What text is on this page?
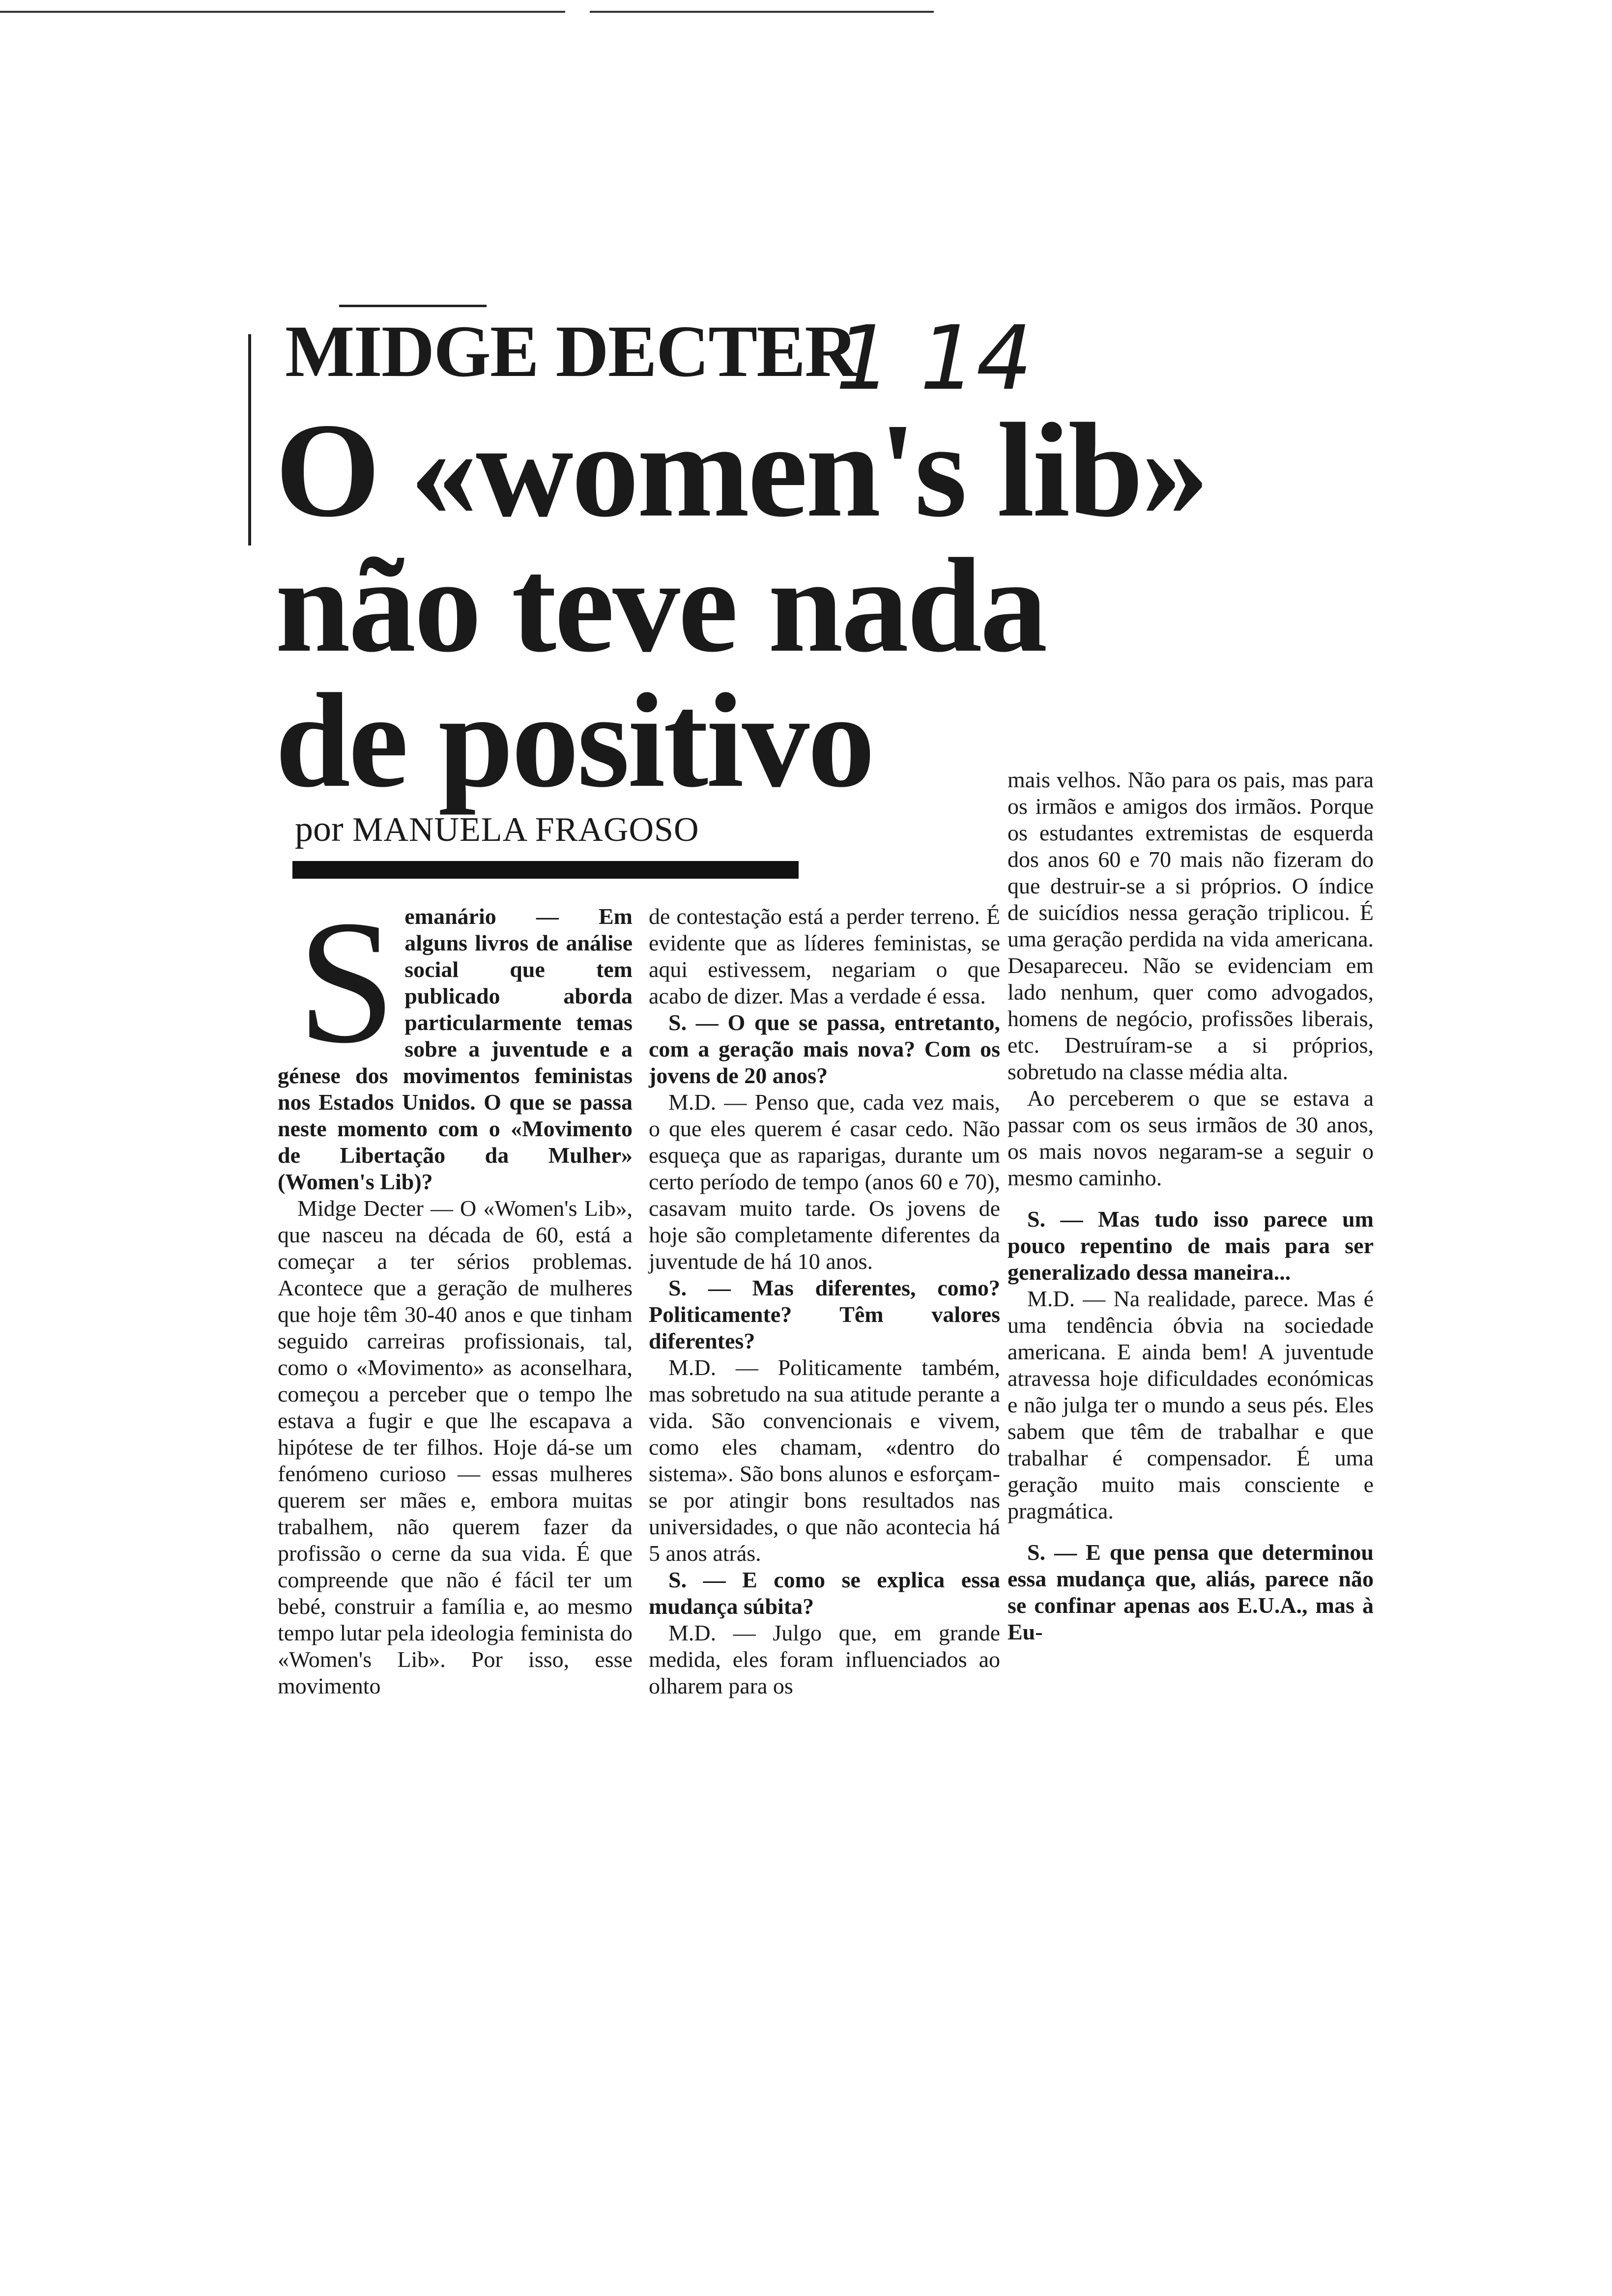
MIDGE DECTER
1 14
O «women's lib»
não teve nada
de positivo
por MANUELA FRAGOSO
S emanário — Em alguns livros de análise social que tem publicado aborda particularmente temas sobre a juventude e a génese dos movimentos feministas nos Estados Unidos. O que se passa neste momento com o «Movimento de Libertação da Mulher» (Women's Lib)?

Midge Decter — O «Women's Lib», que nasceu na década de 60, está a começar a ter sérios problemas. Acontece que a geração de mulheres que hoje têm 30-40 anos e que tinham seguido carreiras profissionais, tal, como o «Movimento» as aconselhara, começou a perceber que o tempo lhe estava a fugir e que lhe escapava a hipótese de ter filhos. Hoje dá-se um fenómeno curioso — essas mulheres querem ser mães e, embora muitas trabalhem, não querem fazer da profissão o cerne da sua vida. É que compreende que não é fácil ter um bebé, construir a família e, ao mesmo tempo lutar pela ideologia feminista do «Women's Lib». Por isso, esse movimento

de contestação está a perder terreno. É evidente que as líderes feministas, se aqui estivessem, negariam o que acabo de dizer. Mas a verdade é essa.

S. — O que se passa, entretanto, com a geração mais nova? Com os jovens de 20 anos?

M.D. — Penso que, cada vez mais, o que eles querem é casar cedo. Não esqueça que as raparigas, durante um certo período de tempo (anos 60 e 70), casavam muito tarde. Os jovens de hoje são completamente diferentes da juventude de há 10 anos.

S. — Mas diferentes, como? Politicamente? Têm valores diferentes?

M.D. — Politicamente também, mas sobretudo na sua atitude perante a vida. São convencionais e vivem, como eles chamam, «dentro do sistema». São bons alunos e esforçam-se por atingir bons resultados nas universidades, o que não acontecia há 5 anos atrás.

S. — E como se explica essa mudança súbita?

M.D. — Julgo que, em grande medida, eles foram influenciados ao olharem para os

mais velhos. Não para os pais, mas para os irmãos e amigos dos irmãos. Porque os estudantes extremistas de esquerda dos anos 60 e 70 mais não fizeram do que destruir-se a si próprios. O índice de suicídios nessa geração triplicou. É uma geração perdida na vida americana. Desapareceu. Não se evidenciam em lado nenhum, quer como advogados, homens de negócio, profissões liberais, etc. Destruíram-se a si próprios, sobretudo na classe média alta.

Ao perceberem o que se estava a passar com os seus irmãos de 30 anos, os mais novos negaram-se a seguir o mesmo caminho.

S. — Mas tudo isso parece um pouco repentino de mais para ser generalizado dessa maneira...

M.D. — Na realidade, parece. Mas é uma tendência óbvia na sociedade americana. E ainda bem! A juventude atravessa hoje dificuldades económicas e não julga ter o mundo a seus pés. Eles sabem que têm de trabalhar e que trabalhar é compensador. É uma geração muito mais consciente e pragmática.

S. — E que pensa que determinou essa mudança que, aliás, parece não se confinar apenas aos E.U.A., mas à Eu-
